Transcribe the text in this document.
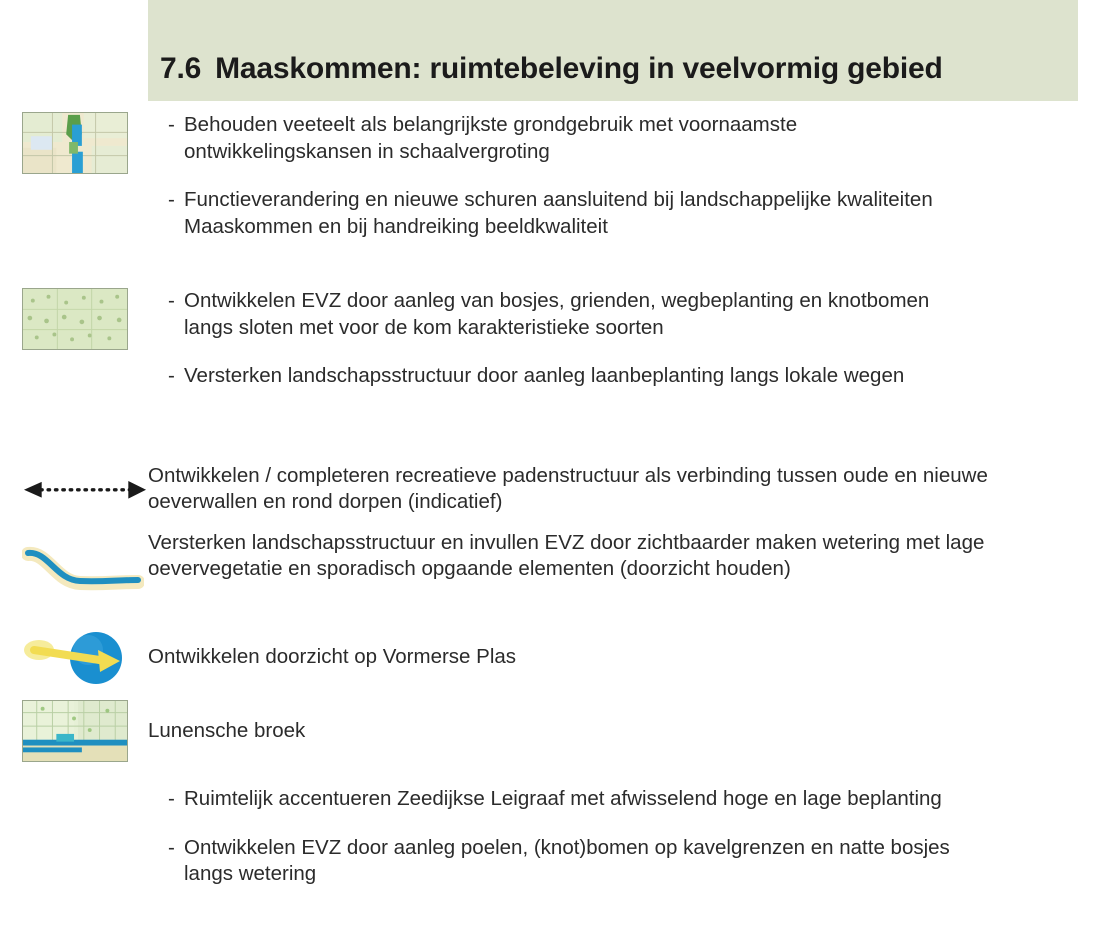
7.6 Maaskommen: ruimtebeleving in veelvormig gebied
- Behouden veeteelt als belangrijkste grondgebruik met voornaamste ontwikkelingskansen in schaalvergroting
- Functieverandering en nieuwe schuren aansluitend bij landschappelijke kwaliteiten Maaskommen en bij handreiking beeldkwaliteit
- Ontwikkelen EVZ door aanleg van bosjes, grienden, wegbeplanting en knotbomen langs sloten met voor de kom karakteristieke soorten
- Versterken landschapsstructuur door aanleg laanbeplanting langs lokale wegen
Ontwikkelen / completeren recreatieve padenstructuur als verbinding tussen oude en nieuwe oeverwallen en rond dorpen (indicatief)
Versterken landschapsstructuur en invullen EVZ door zichtbaarder maken wetering met lage oevervegetatie en sporadisch opgaande elementen (doorzicht houden)
Ontwikkelen doorzicht op Vormerse Plas
Lunensche broek
- Ruimtelijk accentueren Zeedijkse Leigraaf met afwisselend hoge en lage beplanting
- Ontwikkelen EVZ door aanleg poelen, (knot)bomen op kavelgrenzen en natte bosjes langs wetering
